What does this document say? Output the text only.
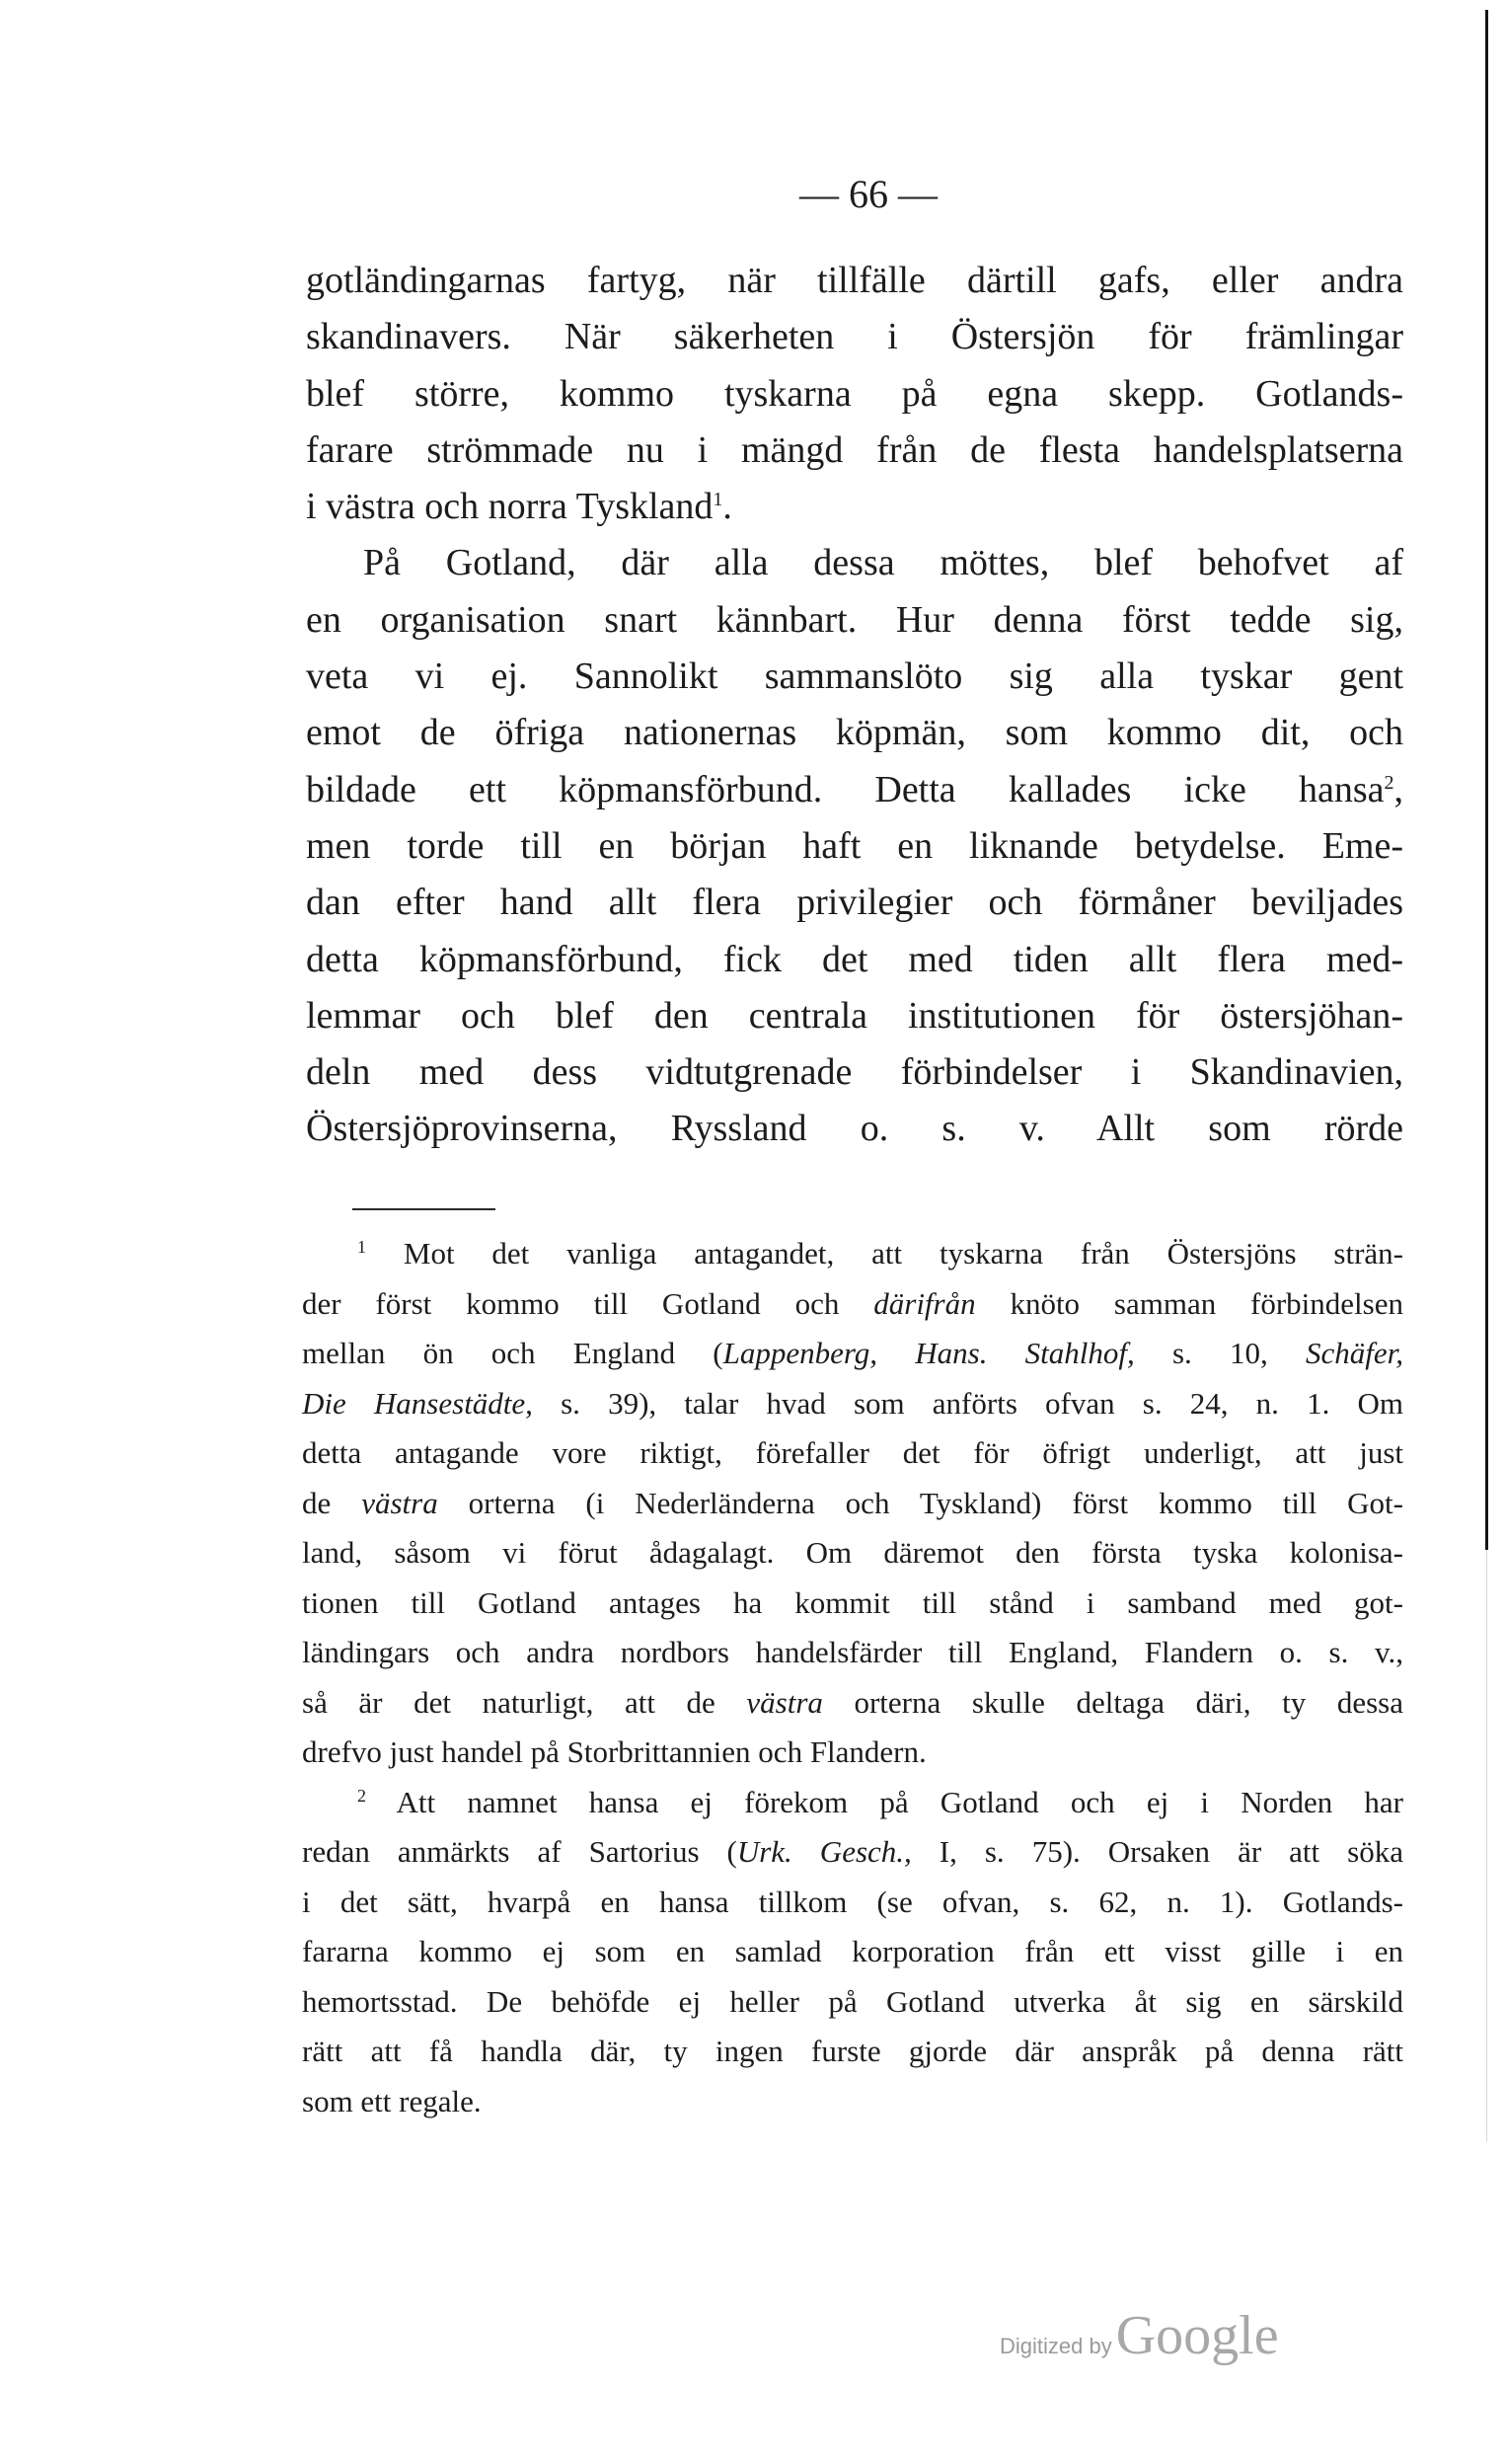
— 66 —
gotländingarnas fartyg, när tillfälle därtill gafs, eller andra
skandinavers. När säkerheten i Östersjön för främlingar
blef större, kommo tyskarna på egna skepp. Gotlands-
farare strömmade nu i mängd från de flesta handelsplatserna
i västra och norra Tyskland$^1$.
På Gotland, där alla dessa möttes, blef behofvet af
en organisation snart kännbart. Hur denna först tedde sig,
veta vi ej. Sannolikt sammanslöto sig alla tyskar gent
emot de öfriga nationernas köpmän, som kommo dit, och
bildade ett köpmansförbund. Detta kallades icke hansa$^2$,
men torde till en början haft en liknande betydelse. Eme-
dan efter hand allt flera privilegier och förmåner beviljades
detta köpmansförbund, fick det med tiden allt flera med-
lemmar och blef den centrala institutionen för östersjöhan-
deln med dess vidtutgrenade förbindelser i Skandinavien,
Östersjöprovinserna, Ryssland o. s. v. Allt som rörde
$^1$ Mot det vanliga antagandet, att tyskarna från Östersjöns strän-
der först kommo till Gotland och därifrån knöto samman förbindelsen
mellan ön och England (Lappenberg, Hans. Stahlhof, s. 10, Schäfer,
Die Hansestädte, s. 39), talar hvad som anförts ofvan s. 24, n. 1. Om
detta antagande vore riktigt, förefaller det för öfrigt underligt, att just
de västra orterna (i Nederländerna och Tyskland) först kommo till Got-
land, såsom vi förut ådagalagt. Om däremot den första tyska kolonisa-
tionen till Gotland antages ha kommit till stånd i samband med got-
ländingars och andra nordbors handelsfärder till England, Flandern o. s. v.,
så är det naturligt, att de västra orterna skulle deltaga däri, ty dessa
drefvo just handel på Storbrittannien och Flandern.
$^2$ Att namnet hansa ej förekom på Gotland och ej i Norden har
redan anmärkts af Sartorius (Urk. Gesch., I, s. 75). Orsaken är att söka
i det sätt, hvarpå en hansa tillkom (se ofvan, s. 62, n. 1). Gotlands-
fararna kommo ej som en samlad korporation från ett visst gille i en
hemortsstad. De behöfde ej heller på Gotland utverka åt sig en särskild
rätt att få handla där, ty ingen furste gjorde där anspråk på denna rätt
som ett regale.
Digitized by Google
